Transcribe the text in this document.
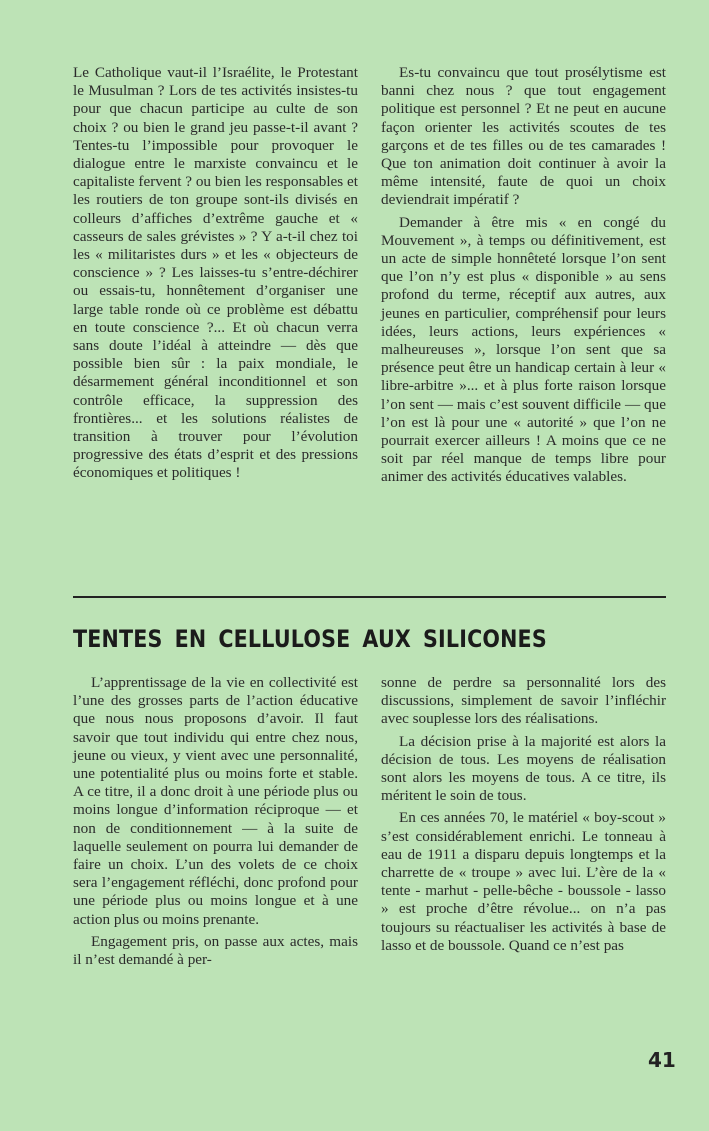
Le Catholique vaut-il l’Israélite, le Protestant le Musulman ? Lors de tes activités insistes-tu pour que chacun participe au culte de son choix ? ou bien le grand jeu passe-t-il avant ? Tentes-tu l’impossible pour provoquer le dialogue entre le marxiste convaincu et le capitaliste fervent ? ou bien les responsables et les routiers de ton groupe sont-ils divisés en colleurs d’affiches d’extrême gauche et « casseurs de sales grévistes » ? Y a-t-il chez toi les « militaristes durs » et les « objecteurs de conscience » ? Les laisses-tu s’entre-déchirer ou essais-tu, honnêtement d’organiser une large table ronde où ce problème est débattu en toute conscience ?... Et où chacun verra sans doute l’idéal à atteindre — dès que possible bien sûr : la paix mondiale, le désarmement général inconditionnel et son contrôle efficace, la suppression des frontières... et les solutions réalistes de transition à trouver pour l’évolution progressive des états d’esprit et des pressions économiques et politiques !

Es-tu convaincu que tout prosélytisme est banni chez nous ? que tout engagement politique est personnel ? Et ne peut en aucune façon orienter les activités scoutes de tes garçons et de tes filles ou de tes camarades ! Que ton animation doit continuer à avoir la même intensité, faute de quoi un choix deviendrait impératif ?

Demander à être mis « en congé du Mouvement », à temps ou définitivement, est un acte de simple honnêteté lorsque l’on sent que l’on n’y est plus « disponible » au sens profond du terme, réceptif aux autres, aux jeunes en particulier, compréhensif pour leurs idées, leurs actions, leurs expériences « malheureuses », lorsque l’on sent que sa présence peut être un handicap certain à leur « libre-arbitre »... et à plus forte raison lorsque l’on sent — mais c’est souvent difficile — que l’on est là pour une « autorité » que l’on ne pourrait exercer ailleurs ! A moins que ce ne soit par réel manque de temps libre pour animer des activités éducatives valables.

TENTES EN CELLULOSE AUX SILICONES

L’apprentissage de la vie en collectivité est l’une des grosses parts de l’action éducative que nous nous proposons d’avoir. Il faut savoir que tout individu qui entre chez nous, jeune ou vieux, y vient avec une personnalité, une potentialité plus ou moins forte et stable. A ce titre, il a donc droit à une période plus ou moins longue d’information réciproque — et non de conditionnement — à la suite de laquelle seulement on pourra lui demander de faire un choix. L’un des volets de ce choix sera l’engagement réfléchi, donc profond pour une période plus ou moins longue et à une action plus ou moins prenante.

Engagement pris, on passe aux actes, mais il n’est demandé à per-

sonne de perdre sa personnalité lors des discussions, simplement de savoir l’infléchir avec souplesse lors des réalisations.

La décision prise à la majorité est alors la décision de tous. Les moyens de réalisation sont alors les moyens de tous. A ce titre, ils méritent le soin de tous.

En ces années 70, le matériel « boy-scout » s’est considérablement enrichi. Le tonneau à eau de 1911 a disparu depuis longtemps et la charrette de « troupe » avec lui. L’ère de la « tente - marhut - pelle-bêche - boussole - lasso » est proche d’être révolue... on n’a pas toujours su réactualiser les activités à base de lasso et de boussole. Quand ce n’est pas

41
